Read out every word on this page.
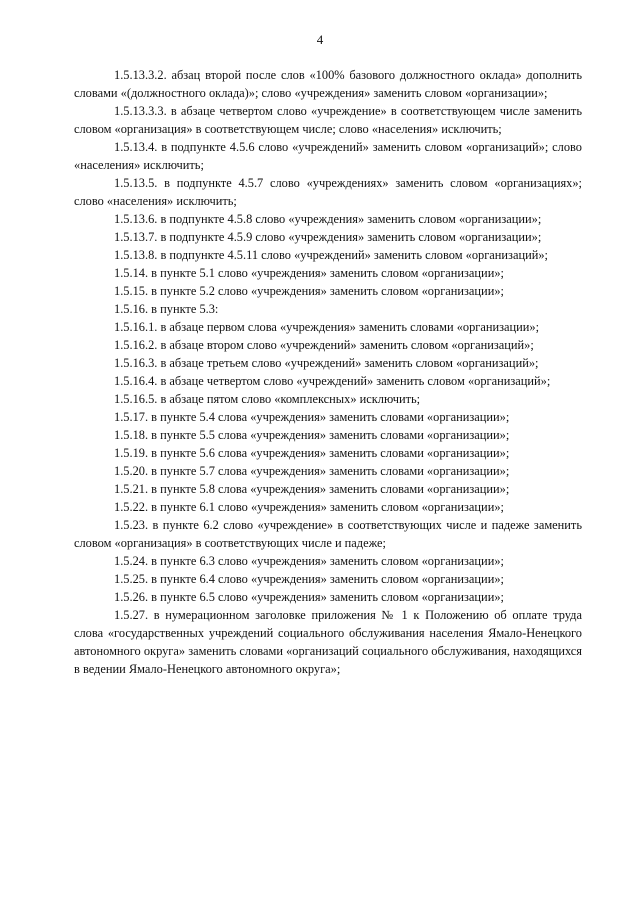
4

1.5.13.3.2. абзац второй после слов «100% базового должностного оклада» дополнить словами «(должностного оклада)»; слово «учреждения» заменить словом «организации»;

1.5.13.3.3. в абзаце четвертом слово «учреждение» в соответствующем числе заменить словом «организация» в соответствующем числе; слово «населения» исключить;

1.5.13.4. в подпункте 4.5.6 слово «учреждений» заменить словом «организаций»; слово «населения» исключить;

1.5.13.5. в подпункте 4.5.7 слово «учреждениях» заменить словом «организациях»; слово «населения» исключить;

1.5.13.6. в подпункте 4.5.8 слово «учреждения» заменить словом «организации»;

1.5.13.7. в подпункте 4.5.9 слово «учреждения» заменить словом «организации»;

1.5.13.8. в подпункте 4.5.11 слово «учреждений» заменить словом «организаций»;

1.5.14. в пункте 5.1 слово «учреждения» заменить словом «организации»;

1.5.15. в пункте 5.2 слово «учреждения» заменить словом «организации»;

1.5.16. в пункте 5.3:

1.5.16.1. в абзаце первом слова «учреждения» заменить словами «организации»;

1.5.16.2. в абзаце втором слово «учреждений» заменить словом «организаций»;

1.5.16.3. в абзаце третьем слово «учреждений» заменить словом «организаций»;

1.5.16.4. в абзаце четвертом слово «учреждений» заменить словом «организаций»;

1.5.16.5. в абзаце пятом слово «комплексных» исключить;

1.5.17. в пункте 5.4 слова «учреждения» заменить словами «организации»;

1.5.18. в пункте 5.5 слова «учреждения» заменить словами «организации»;

1.5.19. в пункте 5.6 слова «учреждения» заменить словами «организации»;

1.5.20. в пункте 5.7 слова «учреждения» заменить словами «организации»;

1.5.21. в пункте 5.8 слова «учреждения» заменить словами «организации»;

1.5.22. в пункте 6.1 слово «учреждения» заменить словом «организации»;

1.5.23. в пункте 6.2 слово «учреждение» в соответствующих числе и падеже заменить словом «организация» в соответствующих числе и падеже;

1.5.24. в пункте 6.3 слово «учреждения» заменить словом «организации»;

1.5.25. в пункте 6.4 слово «учреждения» заменить словом «организации»;

1.5.26. в пункте 6.5 слово «учреждения» заменить словом «организации»;

1.5.27. в нумерационном заголовке приложения № 1 к Положению об оплате труда слова «государственных учреждений социального обслуживания населения Ямало-Ненецкого автономного округа» заменить словами «организаций социального обслуживания, находящихся в ведении Ямало-Ненецкого автономного округа»;
